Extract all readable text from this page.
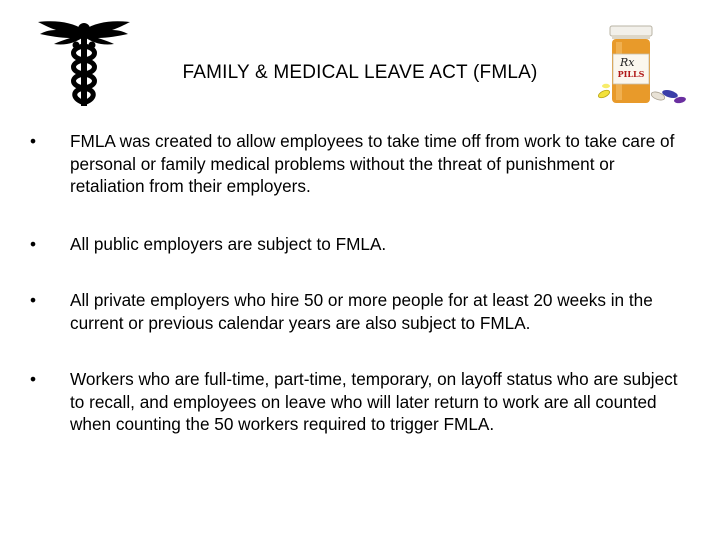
Rx
PILLS
FAMILY & MEDICAL LEAVE ACT (FMLA)
•	FMLA was created to allow employees to take time off from work to take care of personal or family medical problems without the threat of punishment or retaliation from their employers.
•	All public employers are subject to FMLA.
•	All private employers who hire 50 or more people for at least 20 weeks in the current or previous calendar years are also subject to FMLA.
•	Workers who are full-time, part-time, temporary, on layoff status who are subject to recall, and employees on leave who will later return to work are all counted when counting the 50 workers required to trigger FMLA.
